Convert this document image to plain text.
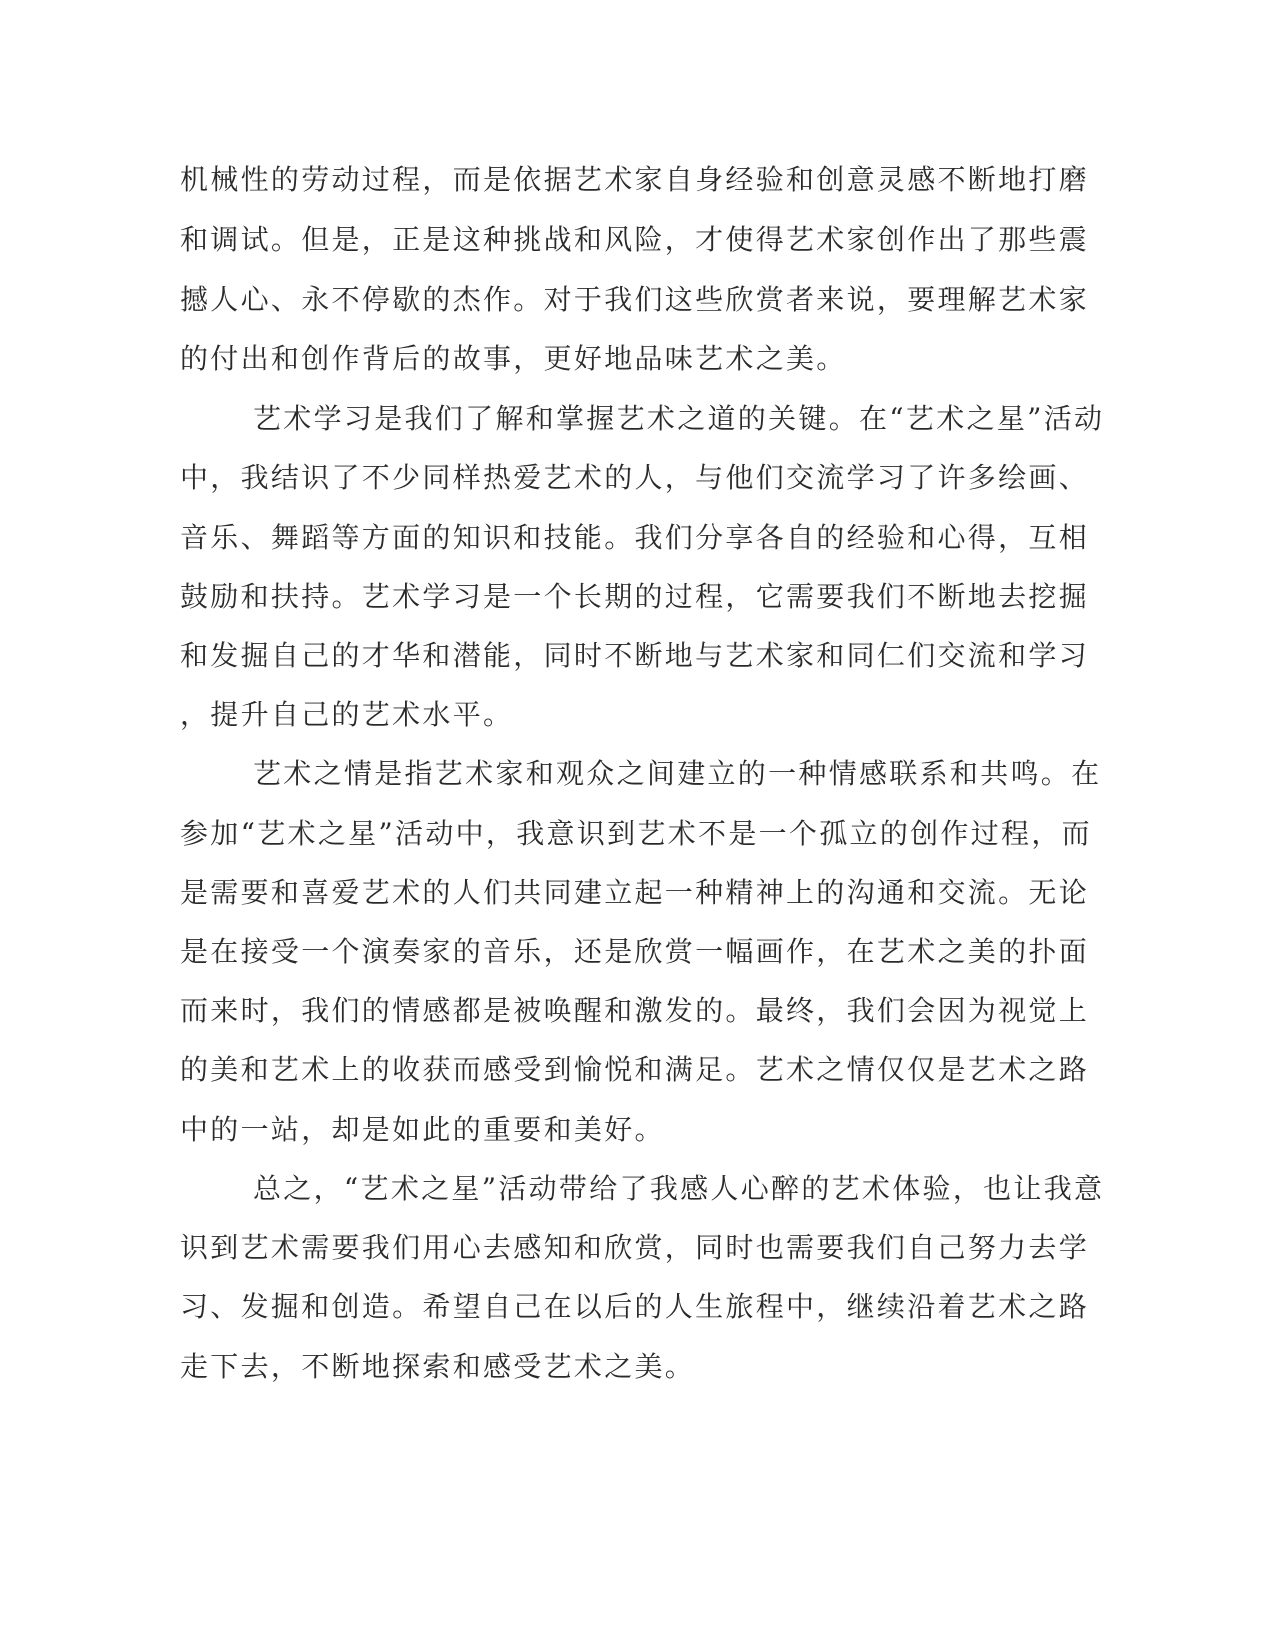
机械性的劳动过程，而是依据艺术家自身经验和创意灵感不断地打磨

和调试。但是，正是这种挑战和风险，才使得艺术家创作出了那些震

撼人心、永不停歇的杰作。对于我们这些欣赏者来说，要理解艺术家

的付出和创作背后的故事，更好地品味艺术之美。

艺术学习是我们了解和掌握艺术之道的关键。在“艺术之星”活动

中，我结识了不少同样热爱艺术的人，与他们交流学习了许多绘画、

音乐、舞蹈等方面的知识和技能。我们分享各自的经验和心得，互相

鼓励和扶持。艺术学习是一个长期的过程，它需要我们不断地去挖掘

和发掘自己的才华和潜能，同时不断地与艺术家和同仁们交流和学习

，提升自己的艺术水平。

艺术之情是指艺术家和观众之间建立的一种情感联系和共鸣。在

参加“艺术之星”活动中，我意识到艺术不是一个孤立的创作过程，而

是需要和喜爱艺术的人们共同建立起一种精神上的沟通和交流。无论

是在接受一个演奏家的音乐，还是欣赏一幅画作，在艺术之美的扑面

而来时，我们的情感都是被唤醒和激发的。最终，我们会因为视觉上

的美和艺术上的收获而感受到愉悦和满足。艺术之情仅仅是艺术之路

中的一站，却是如此的重要和美好。

总之，“艺术之星”活动带给了我感人心醉的艺术体验，也让我意

识到艺术需要我们用心去感知和欣赏，同时也需要我们自己努力去学

习、发掘和创造。希望自己在以后的人生旅程中，继续沿着艺术之路

走下去，不断地探索和感受艺术之美。
